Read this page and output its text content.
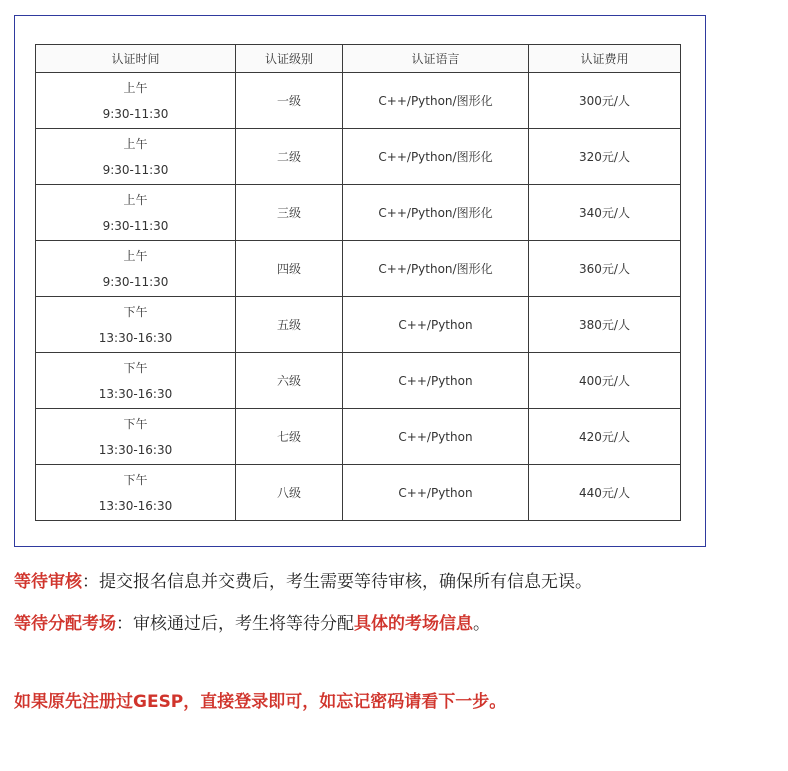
认证时间	认证级别	认证语言	认证费用

上午
9:30-11:30	一级	C++/Python/图形化	300元/人

上午
9:30-11:30	二级	C++/Python/图形化	320元/人

上午
9:30-11:30	三级	C++/Python/图形化	340元/人

上午
9:30-11:30	四级	C++/Python/图形化	360元/人

下午
13:30-16:30	五级	C++/Python	380元/人

下午
13:30-16:30	六级	C++/Python	400元/人

下午
13:30-16:30	七级	C++/Python	420元/人

下午
13:30-16:30	八级	C++/Python	440元/人
等待审核：提交报名信息并交费后，考生需要等待审核，确保所有信息无误。
等待分配考场：审核通过后，考生将等待分配具体的考场信息。
如果原先注册过GESP，直接登录即可，如忘记密码请看下一步。
